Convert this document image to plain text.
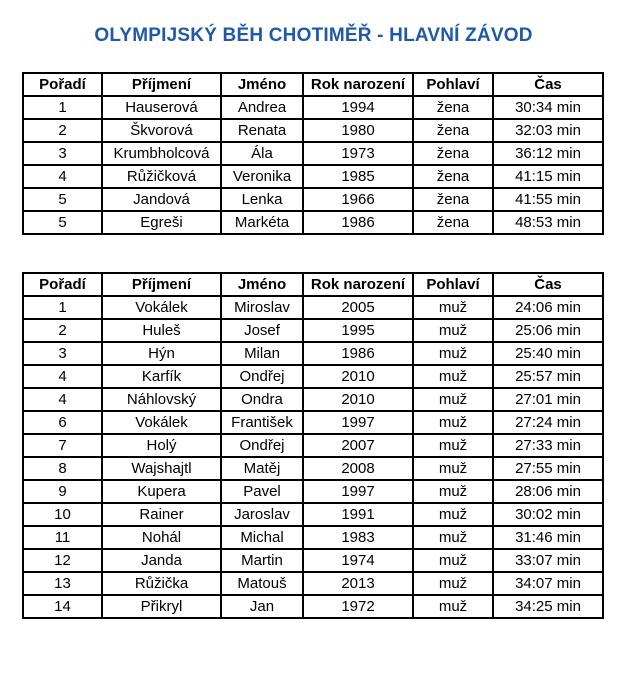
OLYMPIJSKÝ BĚH CHOTIMĚŘ - HLAVNÍ ZÁVOD
Pořadí	Příjmení	Jméno	Rok narození	Pohlaví	Čas
1	Hauserová	Andrea	1994	žena	30:34 min
2	Škvorová	Renata	1980	žena	32:03 min
3	Krumbholcová	Ála	1973	žena	36:12 min
4	Růžičková	Veronika	1985	žena	41:15 min
5	Jandová	Lenka	1966	žena	41:55 min
5	Egreši	Markéta	1986	žena	48:53 min
Pořadí	Příjmení	Jméno	Rok narození	Pohlaví	Čas
1	Vokálek	Miroslav	2005	muž	24:06 min
2	Huleš	Josef	1995	muž	25:06 min
3	Hýn	Milan	1986	muž	25:40 min
4	Karfík	Ondřej	2010	muž	25:57 min
4	Náhlovský	Ondra	2010	muž	27:01 min
6	Vokálek	František	1997	muž	27:24 min
7	Holý	Ondřej	2007	muž	27:33 min
8	Wajshajtl	Matěj	2008	muž	27:55 min
9	Kupera	Pavel	1997	muž	28:06 min
10	Rainer	Jaroslav	1991	muž	30:02 min
11	Nohál	Michal	1983	muž	31:46 min
12	Janda	Martin	1974	muž	33:07 min
13	Růžička	Matouš	2013	muž	34:07 min
14	Přikryl	Jan	1972	muž	34:25 min
